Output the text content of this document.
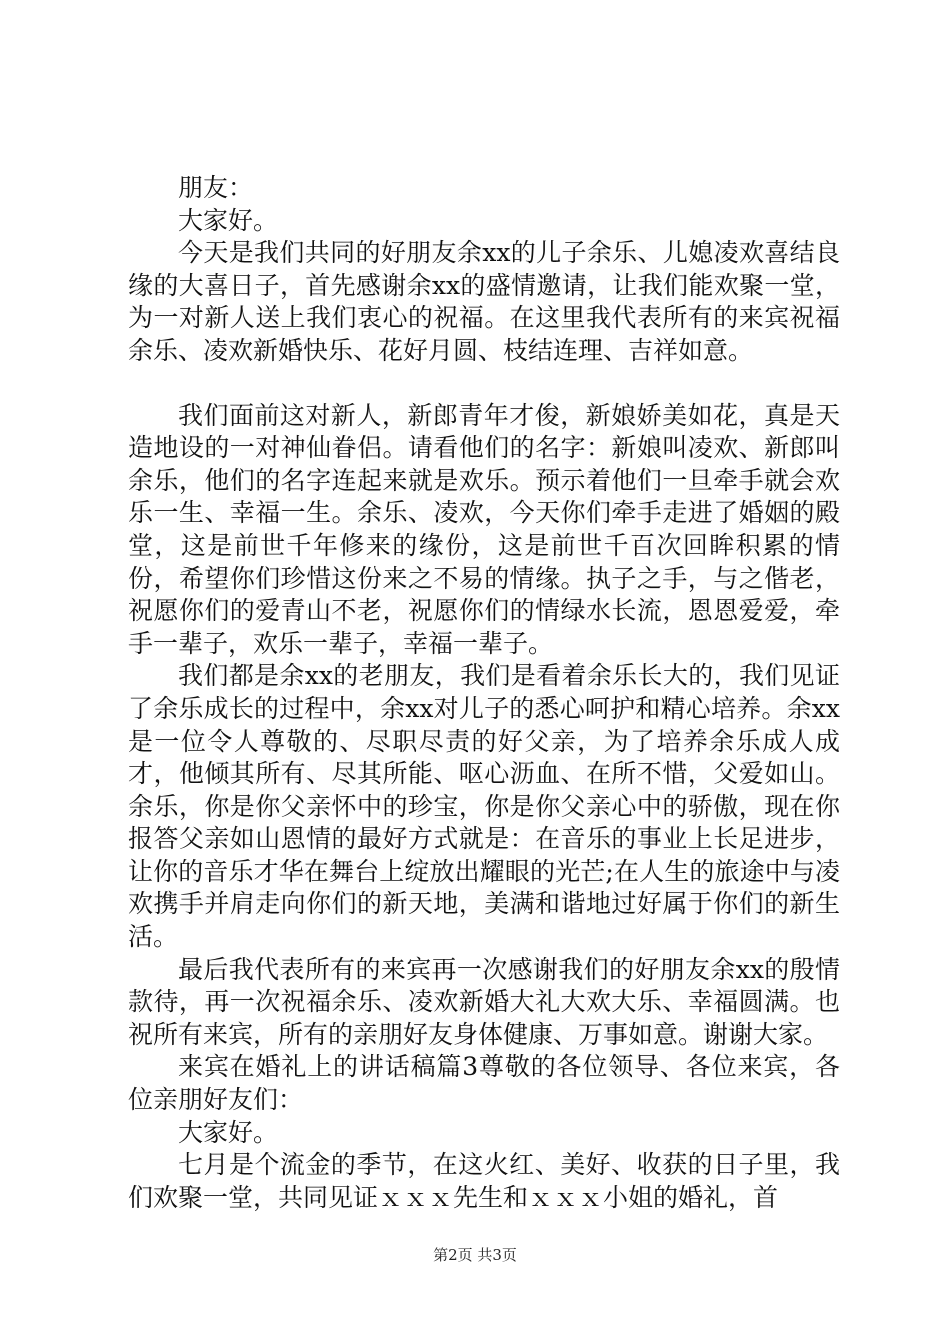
朋友：

大家好。

今天是我们共同的好朋友余xx的儿子余乐、儿媳凌欢喜结良缘的大喜日子，首先感谢余xx的盛情邀请，让我们能欢聚一堂，为一对新人送上我们衷心的祝福。在这里我代表所有的来宾祝福余乐、凌欢新婚快乐、花好月圆、枝结连理、吉祥如意。

我们面前这对新人，新郎青年才俊，新娘娇美如花，真是天造地设的一对神仙眷侣。请看他们的名字：新娘叫凌欢、新郎叫余乐，他们的名字连起来就是欢乐。预示着他们一旦牵手就会欢乐一生、幸福一生。余乐、凌欢，今天你们牵手走进了婚姻的殿堂，这是前世千年修来的缘份，这是前世千百次回眸积累的情份，希望你们珍惜这份来之不易的情缘。执子之手，与之偕老，祝愿你们的爱青山不老，祝愿你们的情绿水长流，恩恩爱爱，牵手一辈子，欢乐一辈子，幸福一辈子。

我们都是余xx的老朋友，我们是看着余乐长大的，我们见证了余乐成长的过程中，余xx对儿子的悉心呵护和精心培养。余xx是一位令人尊敬的、尽职尽责的好父亲，为了培养余乐成人成才，他倾其所有、尽其所能、呕心沥血、在所不惜，父爱如山。余乐，你是你父亲怀中的珍宝，你是你父亲心中的骄傲，现在你报答父亲如山恩情的最好方式就是：在音乐的事业上长足进步，让你的音乐才华在舞台上绽放出耀眼的光芒;在人生的旅途中与凌欢携手并肩走向你们的新天地，美满和谐地过好属于你们的新生活。

最后我代表所有的来宾再一次感谢我们的好朋友余xx的殷情款待，再一次祝福余乐、凌欢新婚大礼大欢大乐、幸福圆满。也祝所有来宾，所有的亲朋好友身体健康、万事如意。谢谢大家。

来宾在婚礼上的讲话稿篇3尊敬的各位领导、各位来宾，各位亲朋好友们：

大家好。

七月是个流金的季节，在这火红、美好、收获的日子里，我们欢聚一堂，共同见证ｘｘｘ先生和ｘｘｘ小姐的婚礼，首

第2页 共3页
